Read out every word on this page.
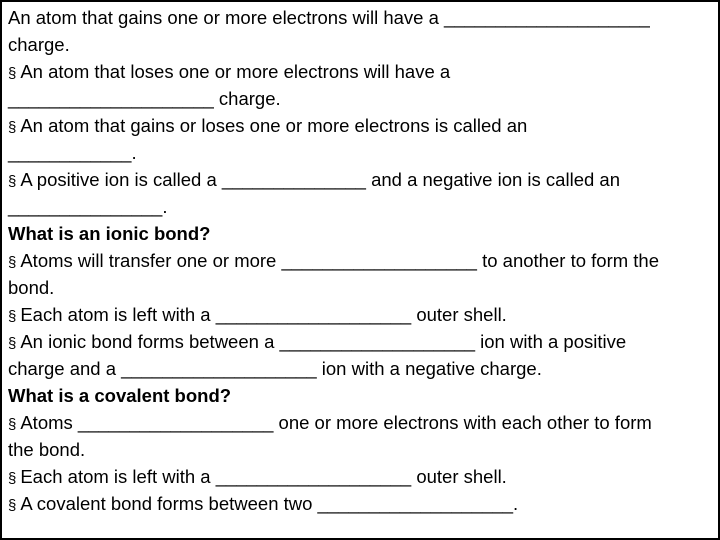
An atom that gains one or more electrons will have a ____________________
charge.
§ An atom that loses one or more electrons will have a
____________________ charge.
§ An atom that gains or loses one or more electrons is called an
____________.
§ A positive ion is called a ______________ and a negative ion is called an
_______________.
What is an ionic bond?
§ Atoms will transfer one or more ___________________ to another to form the
bond.
§ Each atom is left with a ___________________ outer shell.
§ An ionic bond forms between a ___________________ ion with a positive
charge and a ___________________ ion with a negative charge.
What is a covalent bond?
§ Atoms ___________________ one or more electrons with each other to form
the bond.
§ Each atom is left with a ___________________ outer shell.
§ A covalent bond forms between two ___________________.
